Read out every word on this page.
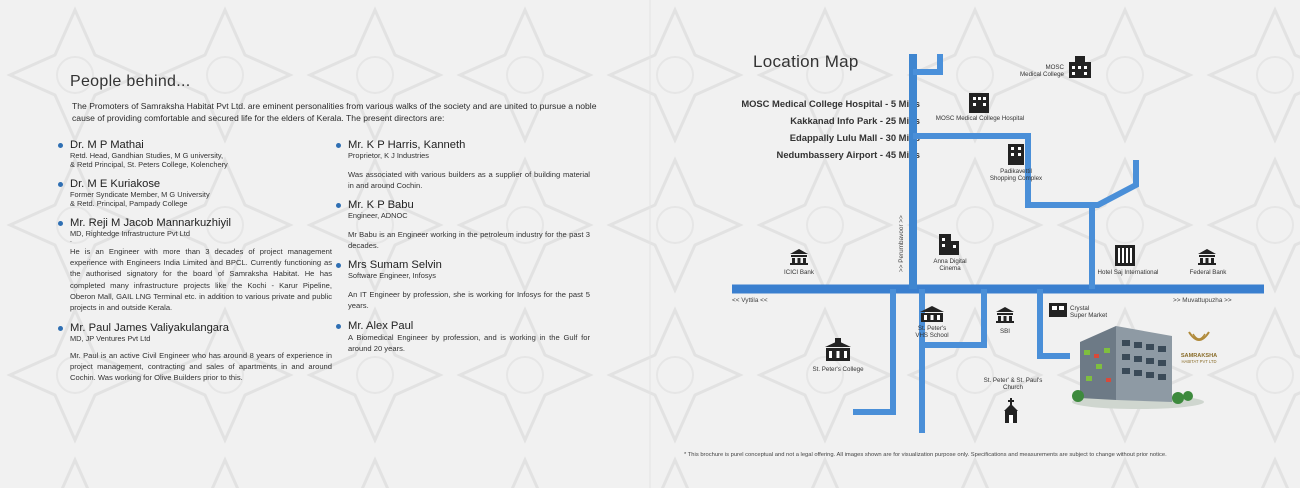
People behind...
The Promoters of Samraksha Habitat Pvt Ltd. are eminent personalities from various walks of the society and are united to pursue a noble cause of providing comfortable and secured life for the elders of Kerala. The present directors are:
Dr. M P Mathai
Retd. Head, Gandhian Studies, M G university,
& Retd Principal, St. Peters College, Kolenchery
Dr. M E Kuriakose
Former Syndicate Member, M G University
& Retd. Principal, Pampady College
Mr. Reji M Jacob Mannarkuzhiyil
MD, Rightedge Infrastructure Pvt Ltd
.
He is an Engineer with more than 3 decades of project management experience with Engineers India Limited and BPCL. Currently functioning as the authorised signatory for the board of Samraksha Habitat. He has completed many infrastructure projects like the Kochi - Karur Pipeline, Oberon Mall, GAIL LNG Terminal etc. in addition to various private and public projects in and outside Kerala.
Mr. Paul James Valiyakulangara
MD, JP Ventures Pvt Ltd
Mr. Paul is an active Civil Engineer who has around 8 years of experience in project management, contracting and sales of apartments in and around Cochin. Was working for Olive Builders prior to this.
Mr. K P Harris, Kanneth
Proprietor, K J Industries
Was associated with various builders as a supplier of building material in and around Cochin.
Mr. K P Babu
Engineer, ADNOC
Mr Babu is an Engineer working in the petroleum industry for the past 3 decades.
Mrs Sumam Selvin
Software Engineer, Infosys
An IT Engineer by profession, she is working for Infosys for the past 5 years.
Mr. Alex Paul
A Biomedical Engineer by profession, and is working in the Gulf for around 20 years.
Location Map
MOSC Medical College Hospital - 5 Mins
Kakkanad Info Park - 25 Mins
Edappally Lulu Mall - 30 Mins
Nedumbassery Airport - 45 Mins
<< Vyttila <<	>> Muvattupuzha >>
>> Perumbavoor >>
MOSC
Medical College
MOSC Medical College Hospital
Padikavettil
Shopping Complex
ICICI Bank
Anna Digital
Cinema
Hotel Saj International	Federal Bank
St. Peter's
VHS School
SBI
Crystal
Super Market
St. Peter's College
St. Peter' & St. Paul's
Church
SAMRAKSHA
HABITAT PVT LTD
* This brochure is purel conceptual and not a legal offering. All images shown are for visualization purpose only. Specifications and measurements are subject to change without prior notice.
